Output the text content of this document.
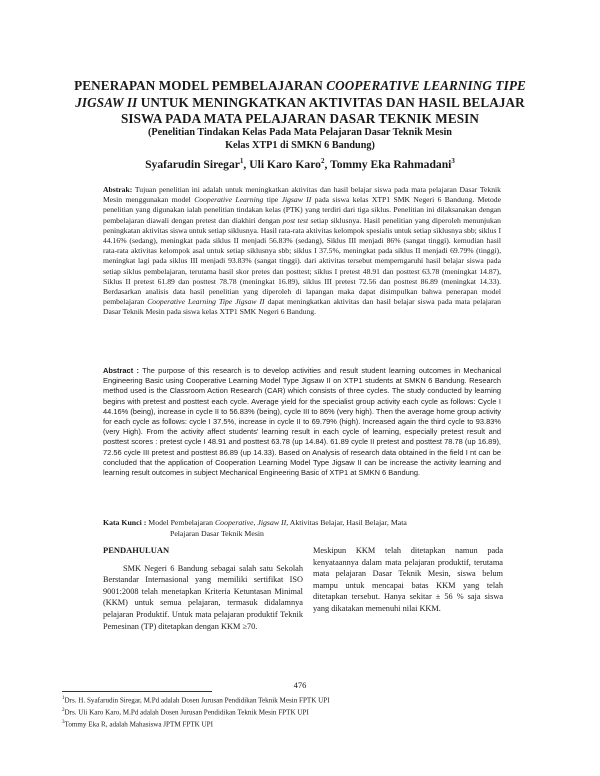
PENERAPAN MODEL PEMBELAJARAN COOPERATIVE LEARNING TIPE
JIGSAW II UNTUK MENINGKATKAN AKTIVITAS DAN HASIL BELAJAR
SISWA PADA MATA PELAJARAN DASAR TEKNIK MESIN
(Penelitian Tindakan Kelas Pada Mata Pelajaran Dasar Teknik Mesin
Kelas XTP1 di SMKN 6 Bandung)
Syafarudin Siregar$^1$, Uli Karo Karo$^2$, Tommy Eka Rahmadani$^3$
Abstrak: Tujuan penelitian ini adalah untuk meningkatkan aktivitas dan hasil belajar siswa pada mata pelajaran Dasar Teknik Mesin menggunakan model Cooperative Learning tipe Jigsaw II pada siswa kelas XTP1 SMK Negeri 6 Bandung. Metode penelitian yang digunakan ialah penelitian tindakan kelas (PTK) yang terdiri dari tiga siklus. Penelitian ini dilaksanakan dengan pembelajaran diawali dengan pretest dan diakhiri dengan post test setiap siklusnya. Hasil penelitian yang diperoleh menunjukan peningkatan aktivitas siswa untuk setiap siklusnya. Hasil rata-rata aktivitas kelompok spesialis untuk setiap siklusnya sbb; siklus I 44.16% (sedang), meningkat pada siklus II menjadi 56.83% (sedang), Siklus III menjadi 86% (sangat tinggi). kemudian hasil rata-rata aktivitas kelompok asal untuk setiap siklusnya sbb; siklus I 37.5%, meningkat pada siklus II menjadi 69.79% (tinggi), meningkat lagi pada siklus III menjadi 93.83% (sangat tinggi). dari aktivitas tersebut memperngaruhi hasil belajar siswa pada setiap siklus pembelajaran, terutama hasil skor pretes dan posttest; siklus I pretest 48.91 dan posttest 63.78 (meningkat 14.87), Siklus II pretest 61.89 dan posttest 78.78 (meningkat 16.89), siklus III pretest 72.56 dan posttest 86.89 (meningkat 14.33). Berdasarkan analisis data hasil penelitian yang diperoleh di lapangan maka dapat disimpulkan bahwa penerapan model pembelajaran Cooperative Learning Tipe Jigsaw II dapat meningkatkan aktivitas dan hasil belajar siswa pada mata pelajaran Dasar Teknik Mesin pada siswa kelas XTP1 SMK Negeri 6 Bandung.
Abstract : The purpose of this research is to develop activities and result student learning outcomes in Mechanical Engineering Basic using Cooperative Learning Model Type Jigsaw II on XTP1 students at SMKN 6 Bandung. Research method used is the Classroom Action Research (CAR) which consists of three cycles. The study conducted by learning begins with pretest and posttest each cycle. Average yield for the specialist group activity each cycle as follows: Cycle I 44.16% (being), increase in cycle II to 56.83% (being), cycle III to 86% (very high). Then the average home group activity for each cycle as follows: cycle I 37.5%, increase in cycle II to 69.79% (high). Increased again the third cycle to 93.83% (very High). From the activity affect students' learning result in each cycle of learning, especially pretest result and posttest scores : pretest cycle I 48.91 and posttest 63.78 (up 14.84). 61.89 cycle II pretest and posttest 78.78 (up 16.89), 72.56 cycle III pretest and posttest 86.89 (up 14.33). Based on Analysis of research data obtained in the field I nt can be concluded that the application of Cooperation Learning Model Type Jigsaw II can be increase the activity learning and learning result outcomes in subject Mechanical Engineering Basic of XTP1 at SMKN 6 Bandung.
Kata Kunci : Model Pembelajaran Cooperative, Jigsaw II, Aktivitas Belajar, Hasil Belajar, Mata
Pelajaran Dasar Teknik Mesin
PENDAHULUAN

SMK Negeri 6 Bandung sebagai salah satu Sekolah Berstandar Internasional yang memiliki sertifikat ISO 9001:2008 telah menetapkan Kriteria Ketuntasan Minimal (KKM) untuk semua pelajaran, termasuk didalamnya pelajaran Produktif. Untuk mata pelajaran produktif Teknik Pemesinan (TP) ditetapkan dengan KKM ≥70.

Meskipun KKM telah ditetapkan namun pada kenyataannya dalam mata pelajaran produktif, terutama mata pelajaran Dasar Teknik Mesin, siswa belum mampu untuk mencapai batas KKM yang telah ditetapkan tersebut. Hanya sekitar ± 56 % saja siswa yang dikatakan memenuhi nilai KKM.

476
$^1$Drs. H. Syafarudin Siregar, M.Pd adalah Dosen Jurusan Pendidikan Teknik Mesin FPTK UPI
$^2$Drs. Uli Karo Karo, M.Pd adalah Dosen Jurusan Pendidikan Teknik Mesin FPTK UPI
$^3$Tommy Eka R, adalah Mahasiswa JPTM FPTK UPI
